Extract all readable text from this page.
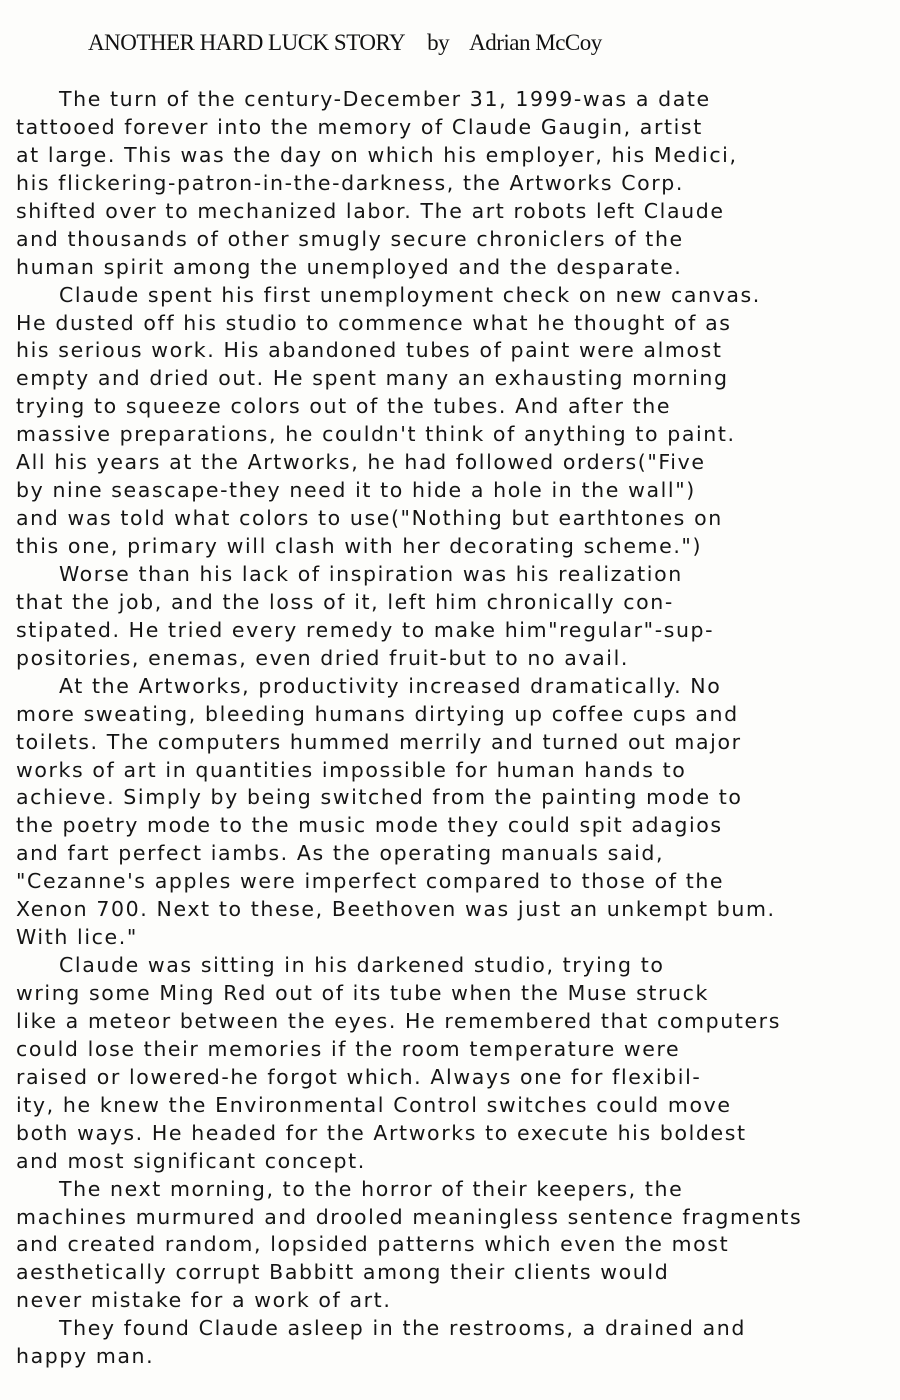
ANOTHER HARD LUCK STORY by Adrian McCoy
The turn of the century-December 31, 1999-was a date
tattooed forever into the memory of Claude Gaugin, artist
at large. This was the day on which his employer, his Medici,
his flickering-patron-in-the-darkness, the Artworks Corp.
shifted over to mechanized labor. The art robots left Claude
and thousands of other smugly secure chroniclers of the
human spirit among the unemployed and the desparate.
Claude spent his first unemployment check on new canvas.
He dusted off his studio to commence what he thought of as
his serious work. His abandoned tubes of paint were almost
empty and dried out. He spent many an exhausting morning
trying to squeeze colors out of the tubes. And after the
massive preparations, he couldn't think of anything to paint.
All his years at the Artworks, he had followed orders("Five
by nine seascape-they need it to hide a hole in the wall")
and was told what colors to use("Nothing but earthtones on
this one, primary will clash with her decorating scheme.")
Worse than his lack of inspiration was his realization
that the job, and the loss of it, left him chronically con-
stipated. He tried every remedy to make him"regular"-sup-
positories, enemas, even dried fruit-but to no avail.
At the Artworks, productivity increased dramatically. No
more sweating, bleeding humans dirtying up coffee cups and
toilets. The computers hummed merrily and turned out major
works of art in quantities impossible for human hands to
achieve. Simply by being switched from the painting mode to
the poetry mode to the music mode they could spit adagios
and fart perfect iambs. As the operating manuals said,
"Cezanne's apples were imperfect compared to those of the
Xenon 700. Next to these, Beethoven was just an unkempt bum.
With lice."
Claude was sitting in his darkened studio, trying to
wring some Ming Red out of its tube when the Muse struck
like a meteor between the eyes. He remembered that computers
could lose their memories if the room temperature were
raised or lowered-he forgot which. Always one for flexibil-
ity, he knew the Environmental Control switches could move
both ways. He headed for the Artworks to execute his boldest
and most significant concept.
The next morning, to the horror of their keepers, the
machines murmured and drooled meaningless sentence fragments
and created random, lopsided patterns which even the most
aesthetically corrupt Babbitt among their clients would
never mistake for a work of art.
They found Claude asleep in the restrooms, a drained and
happy man.
